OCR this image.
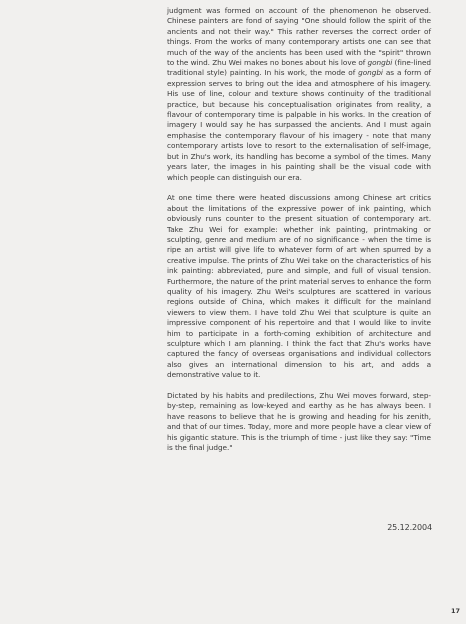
judgment was formed on account of the phenomenon he observed. Chinese painters are fond of saying "One should follow the spirit of the ancients and not their way." This rather reverses the correct order of things. From the works of many contemporary artists one can see that much of the way of the ancients has been used with the "spirit" thrown to the wind. Zhu Wei makes no bones about his love of gongbi (fine-lined traditional style) painting. In his work, the mode of gongbi as a form of expression serves to bring out the idea and atmosphere of his imagery. His use of line, colour and texture shows continuity of the traditional practice, but because his conceptualisation originates from reality, a flavour of contemporary time is palpable in his works. In the creation of imagery I would say he has surpassed the ancients. And I must again emphasise the contemporary flavour of his imagery - note that many contemporary artists love to resort to the externalisation of self-image, but in Zhu's work, its handling has become a symbol of the times. Many years later, the images in his painting shall be the visual code with which people can distinguish our era.

At one time there were heated discussions among Chinese art critics about the limitations of the expressive power of ink painting, which obviously runs counter to the present situation of contemporary art. Take Zhu Wei for example: whether ink painting, printmaking or sculpting, genre and medium are of no significance - when the time is ripe an artist will give life to whatever form of art when spurred by a creative impulse. The prints of Zhu Wei take on the characteristics of his ink painting: abbreviated, pure and simple, and full of visual tension. Furthermore, the nature of the print material serves to enhance the form quality of his imagery. Zhu Wei's sculptures are scattered in various regions outside of China, which makes it difficult for the mainland viewers to view them. I have told Zhu Wei that sculpture is quite an impressive component of his repertoire and that I would like to invite him to participate in a forth-coming exhibition of architecture and sculpture which I am planning. I think the fact that Zhu's works have captured the fancy of overseas organisations and individual collectors also gives an international dimension to his art, and adds a demonstrative value to it.

Dictated by his habits and predilections, Zhu Wei moves forward, step-by-step, remaining as low-keyed and earthy as he has always been. I have reasons to believe that he is growing and heading for his zenith, and that of our times. Today, more and more people have a clear view of his gigantic stature. This is the triumph of time - just like they say: "Time is the final judge."

25.12.2004
17
